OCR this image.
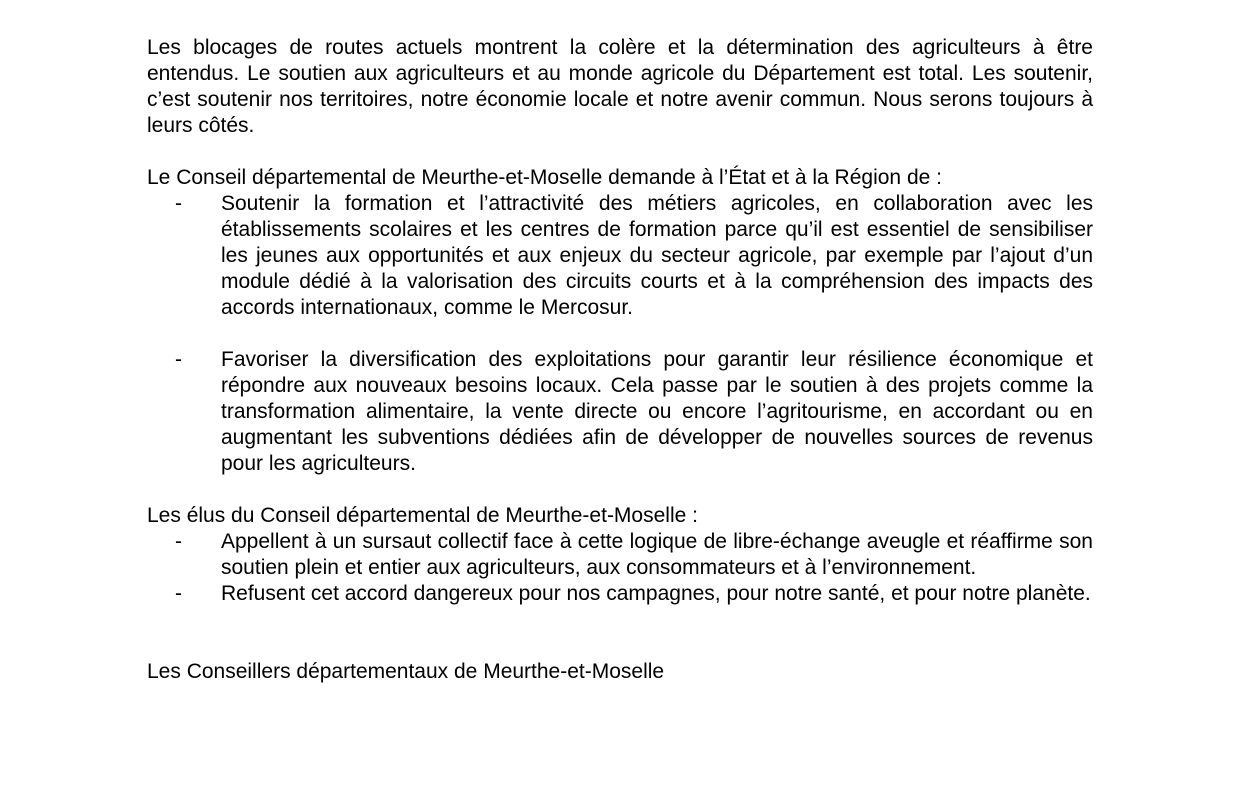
Les blocages de routes actuels montrent la colère et la détermination des agriculteurs à être entendus. Le soutien aux agriculteurs et au monde agricole du Département est total. Les soutenir, c’est soutenir nos territoires, notre économie locale et notre avenir commun. Nous serons toujours à leurs côtés.

Le Conseil départemental de Meurthe-et-Moselle demande à l’État et à la Région de :

- Soutenir la formation et l’attractivité des métiers agricoles, en collaboration avec les établissements scolaires et les centres de formation parce qu’il est essentiel de sensibiliser les jeunes aux opportunités et aux enjeux du secteur agricole, par exemple par l’ajout d’un module dédié à la valorisation des circuits courts et à la compréhension des impacts des accords internationaux, comme le Mercosur.
- Favoriser la diversification des exploitations pour garantir leur résilience économique et répondre aux nouveaux besoins locaux. Cela passe par le soutien à des projets comme la transformation alimentaire, la vente directe ou encore l’agritourisme, en accordant ou en augmentant les subventions dédiées afin de développer de nouvelles sources de revenus pour les agriculteurs.

Les élus du Conseil départemental de Meurthe-et-Moselle :

- Appellent à un sursaut collectif face à cette logique de libre-échange aveugle et réaffirme son soutien plein et entier aux agriculteurs, aux consommateurs et à l’environnement.
- Refusent cet accord dangereux pour nos campagnes, pour notre santé, et pour notre planète.

Les Conseillers départementaux de Meurthe-et-Moselle
